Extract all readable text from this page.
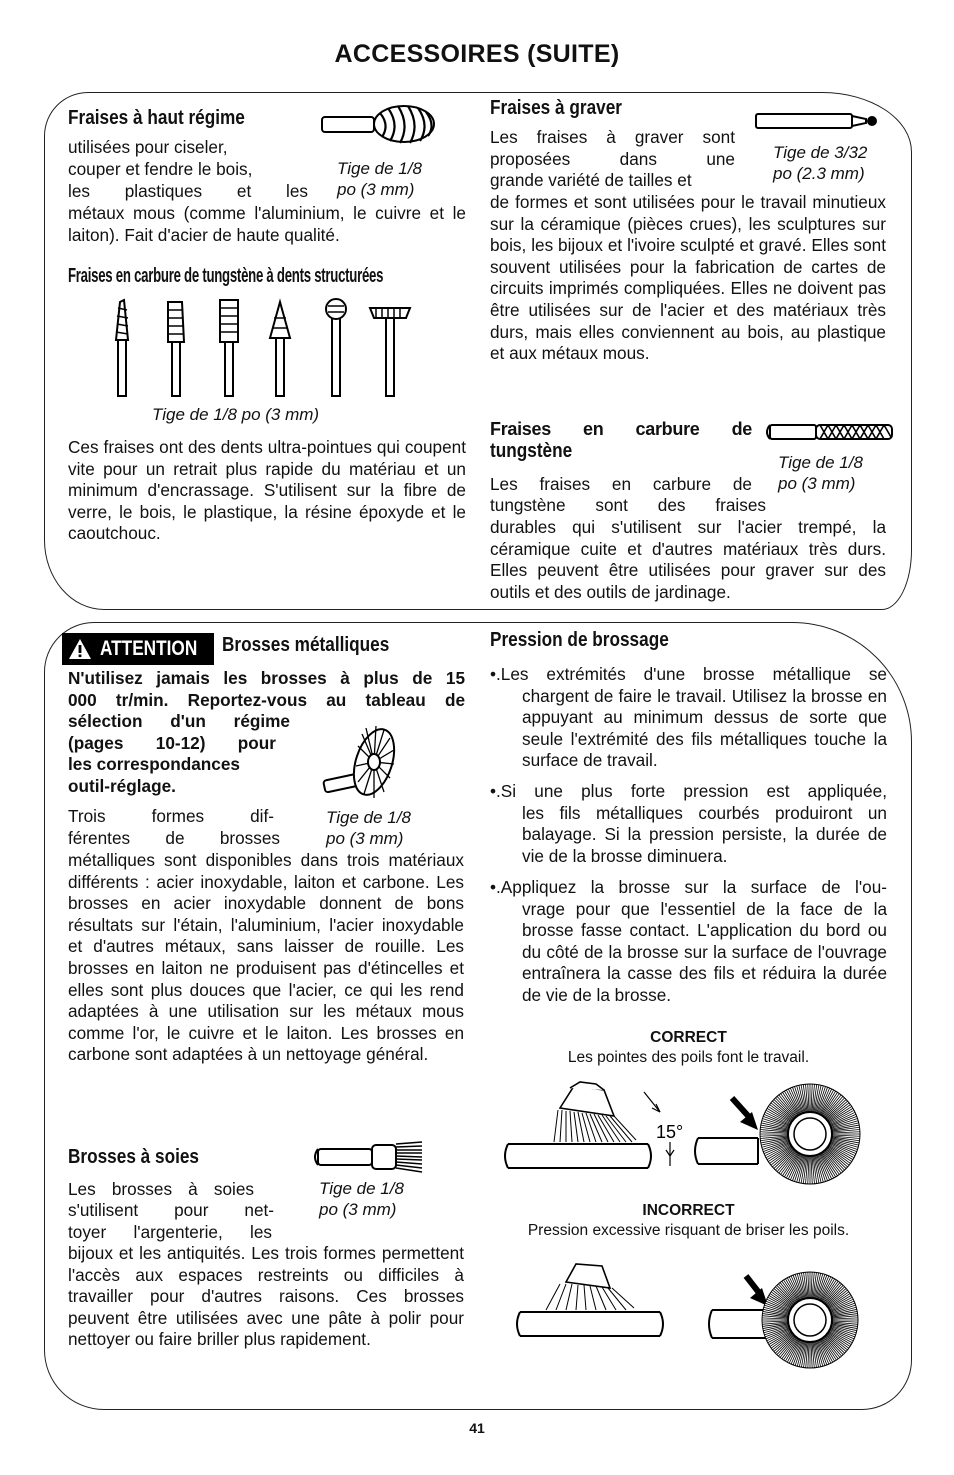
ACCESSOIRES (SUITE)
Fraises à haut régime
utilisées pour ciseler,
couper et fendre le bois,
les plastiques et les
métaux mous (comme l'aluminium, le cuivre et le laiton). Fait d'acier de haute qualité.
Tige de 1/8
po (3 mm)
Fraises en carbure de tungstène à dents structurées
Tige de 1/8 po (3 mm)
Ces fraises ont des dents ultra-pointues qui coupent vite pour un retrait plus rapide du matériau et un minimum d'encrassage. S'utilisent sur la fibre de verre, le bois, le plastique, la résine époxyde et le caoutchouc.
Fraises à graver
Les fraises à graver sont
proposées dans une
grande variété de tailles et
de formes et sont utilisées pour le travail minutieux sur la céramique (pièces crues), les sculptures sur bois, les bijoux et l'ivoire sculpté et gravé. Elles sont souvent utilisées pour la fabrication de cartes de circuits imprimés compliquées. Elles ne doivent pas être utilisées sur de l'acier et des matériaux très durs, mais elles conviennent au bois, au plastique et aux métaux mous.
Tige de 3/32
po (2.3 mm)
Fraises en carbure de
tungstène
Tige de 1/8
po (3 mm)
Les fraises en carbure de
tungstène sont des fraises
durables qui s'utilisent sur l'acier trempé, la céramique cuite et d'autres matériaux très durs. Elles peuvent être utilisées pour graver sur des outils et des outils de jardinage.
ATTENTION Brosses métalliques
N'utilisez jamais les brosses à plus de 15
000 tr/min. Reportez-vous au tableau de
sélection d'un régime
(pages 10-12) pour
les correspondances
outil-réglage.
Tige de 1/8
po (3 mm)
Trois formes dif-
férentes de brosses
métalliques sont disponibles dans trois matériaux différents : acier inoxydable, laiton et carbone. Les brosses en acier inoxydable donnent de bons résultats sur l'étain, l'aluminium, l'acier inoxydable et d'autres métaux, sans laisser de rouille. Les brosses en laiton ne produisent pas d'étincelles et elles sont plus douces que l'acier, ce qui les rend adaptées à une utilisation sur les métaux mous comme l'or, le cuivre et le laiton. Les brosses en carbone sont adaptées à un nettoyage général.
Brosses à soies
Tige de 1/8
po (3 mm)
Les brosses à soies
s'utilisent pour net-
toyer l'argenterie, les
bijoux et les antiquités. Les trois formes permettent l'accès aux espaces restreints ou difficiles à travailler pour d'autres raisons. Ces brosses peuvent être utilisées avec une pâte à polir pour nettoyer ou faire briller plus rapidement.
Pression de brossage
•.Les extrémités d'une brosse métallique se
chargent de faire le travail. Utilisez la brosse en appuyant au minimum dessus de sorte que seule l'extrémité des fils métalliques touche la surface de travail.
•.Si une plus forte pression est appliquée,
les fils métalliques courbés produiront un balayage. Si la pression persiste, la durée de vie de la brosse diminuera.
•.Appliquez la brosse sur la surface de l'ou-
vrage pour que l'essentiel de la face de la brosse fasse contact. L'application du bord ou du côté de la brosse sur la surface de l'ouvrage entraînera la casse des fils et réduira la durée de vie de la brosse.
CORRECT
Les pointes des poils font le travail.
15°
INCORRECT
Pression excessive risquant de briser les poils.
41
